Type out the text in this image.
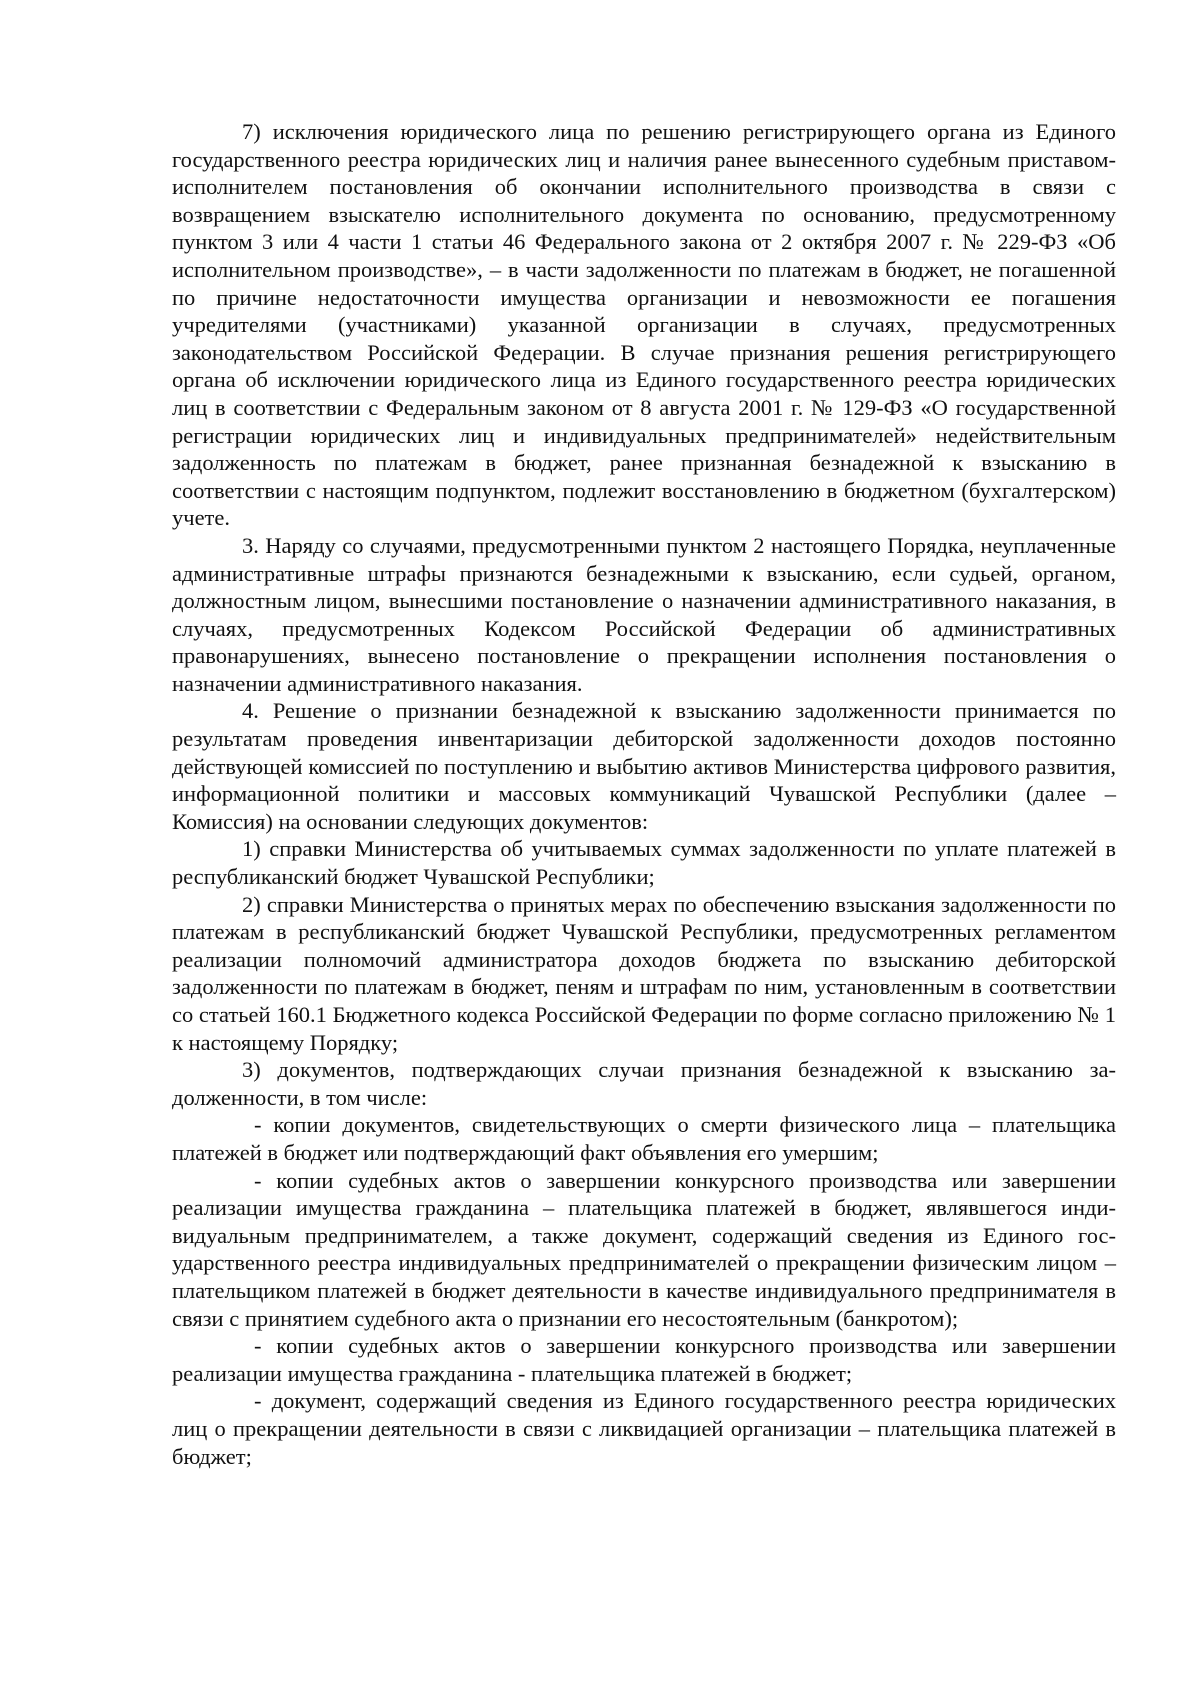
7) исключения юридического лица по решению регистрирующего органа из Единого государственного реестра юридических лиц и наличия ранее вынесенного судебным приставом-исполнителем постановления об окончании исполнительного производства в связи с возвращением взыскателю исполнительного документа по основанию, предусмотренному пунктом 3 или 4 части 1 статьи 46 Федерального закона от 2 октября 2007 г. № 229-ФЗ «Об исполнительном производстве», – в части задолженности по платежам в бюджет, не погашенной по причине недостаточности имущества организации и невозможности ее погашения учредителями (участниками) указанной организации в случаях, предусмотренных законодательством Российской Федерации. В случае признания решения регистрирующего органа об исключении юридического лица из Единого государственного реестра юридических лиц в соответствии с Федеральным законом от 8 августа 2001 г. № 129-ФЗ «О государственной регистрации юридических лиц и индивидуальных предпринимателей» недействительным задолженность по платежам в бюджет, ранее признанная безнадежной к взысканию в соответствии с настоящим подпунктом, подлежит восстановлению в бюджетном (бухгалтерском) учете.

3. Наряду со случаями, предусмотренными пунктом 2 настоящего Порядка, неуплаченные административные штрафы признаются безнадежными к взысканию, если судьей, органом, должностным лицом, вынесшими постановление о назначении административного наказания, в случаях, предусмотренных Кодексом Российской Федерации об административных правонарушениях, вынесено постановление о прекращении исполнения постановления о назначении административного наказания.

4. Решение о признании безнадежной к взысканию задолженности принимается по результатам проведения инвентаризации дебиторской задолженности доходов постоянно действующей комиссией по поступлению и выбытию активов Министерства цифрового развития, информационной политики и массовых коммуникаций Чувашской Республики (далее – Комиссия) на основании следующих документов:

1) справки Министерства об учитываемых суммах задолженности по уплате платежей в республиканский бюджет Чувашской Республики;

2) справки Министерства о принятых мерах по обеспечению взыскания задолженности по платежам в республиканский бюджет Чувашской Республики, предусмотренных регламентом реализации полномочий администратора доходов бюджета по взысканию дебиторской задолженности по платежам в бюджет, пеням и штрафам по ним, установленным в соответствии со статьей 160.1 Бюджетного кодекса Российской Федерации по форме согласно приложению № 1 к настоящему Порядку;

3) документов, подтверждающих случаи признания безнадежной к взысканию задолженности, в том числе:

- копии документов, свидетельствующих о смерти физического лица – плательщика платежей в бюджет или подтверждающий факт объявления его умершим;

- копии судебных актов о завершении конкурсного производства или завершении реализации имущества гражданина – плательщика платежей в бюджет, являвшегося индивидуальным предпринимателем, а также документ, содержащий сведения из Единого государственного реестра индивидуальных предпринимателей о прекращении физическим лицом – плательщиком платежей в бюджет деятельности в качестве индивидуального предпринимателя в связи с принятием судебного акта о признании его несостоятельным (банкротом);

- копии судебных актов о завершении конкурсного производства или завершении реализации имущества гражданина - плательщика платежей в бюджет;

- документ, содержащий сведения из Единого государственного реестра юридических лиц о прекращении деятельности в связи с ликвидацией организации – плательщика платежей в бюджет;
